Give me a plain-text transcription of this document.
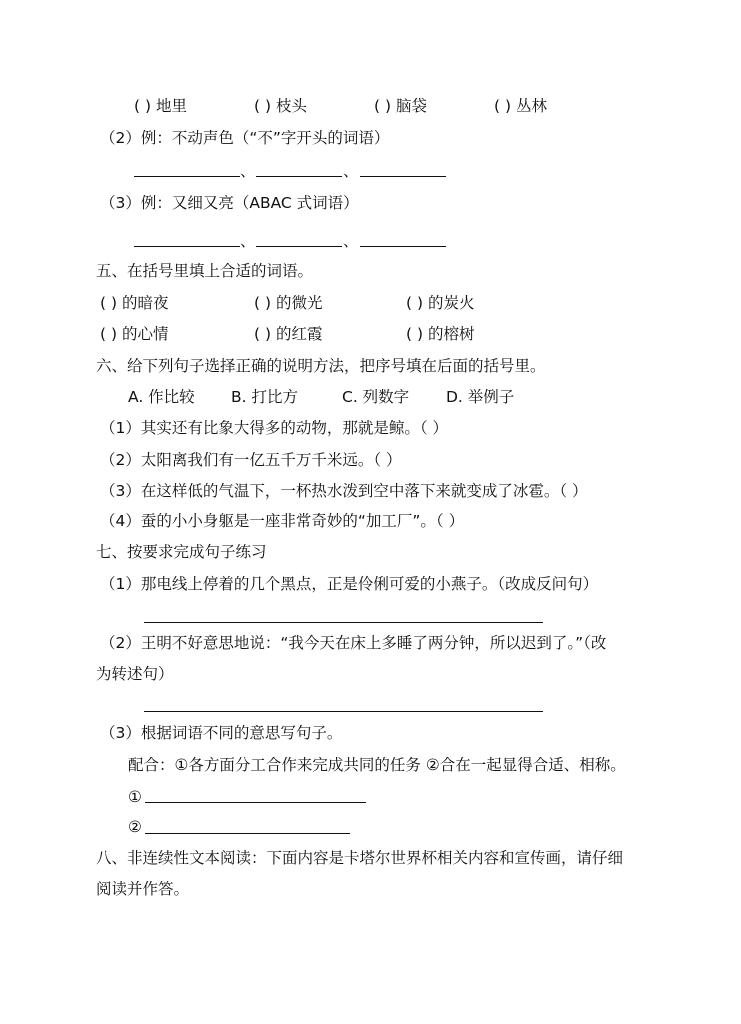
( ) 地里	( ) 枝头	( ) 脑袋	( ) 丛林
（2）例：不动声色（“不”字开头的词语）
、	、
（3）例：又细又亮（ABAC 式词语）
、	、
五、在括号里填上合适的词语。
( ) 的暗夜	( ) 的微光	( ) 的炭火
( ) 的心情	( ) 的红霞	( ) 的榕树
六、给下列句子选择正确的说明方法，把序号填在后面的括号里。
A. 作比较 B. 打比方	C. 列数字 D. 举例子
（1）其实还有比象大得多的动物，那就是鲸。（ ）
（2）太阳离我们有一亿五千万千米远。（ ）
（3）在这样低的气温下，一杯热水泼到空中落下来就变成了冰雹。（ ）
（4）蚕的小小身躯是一座非常奇妙的“加工厂”。（ ）
七、按要求完成句子练习
（1）那电线上停着的几个黑点，正是伶俐可爱的小燕子。（改成反问句）
（2）王明不好意思地说：“我今天在床上多睡了两分钟，所以迟到了。”（改
为转述句）
（3）根据词语不同的意思写句子。
配合：①各方面分工合作来完成共同的任务 ②合在一起显得合适、相称。
①
②
八、非连续性文本阅读：下面内容是卡塔尔世界杯相关内容和宣传画，请仔细
阅读并作答。
